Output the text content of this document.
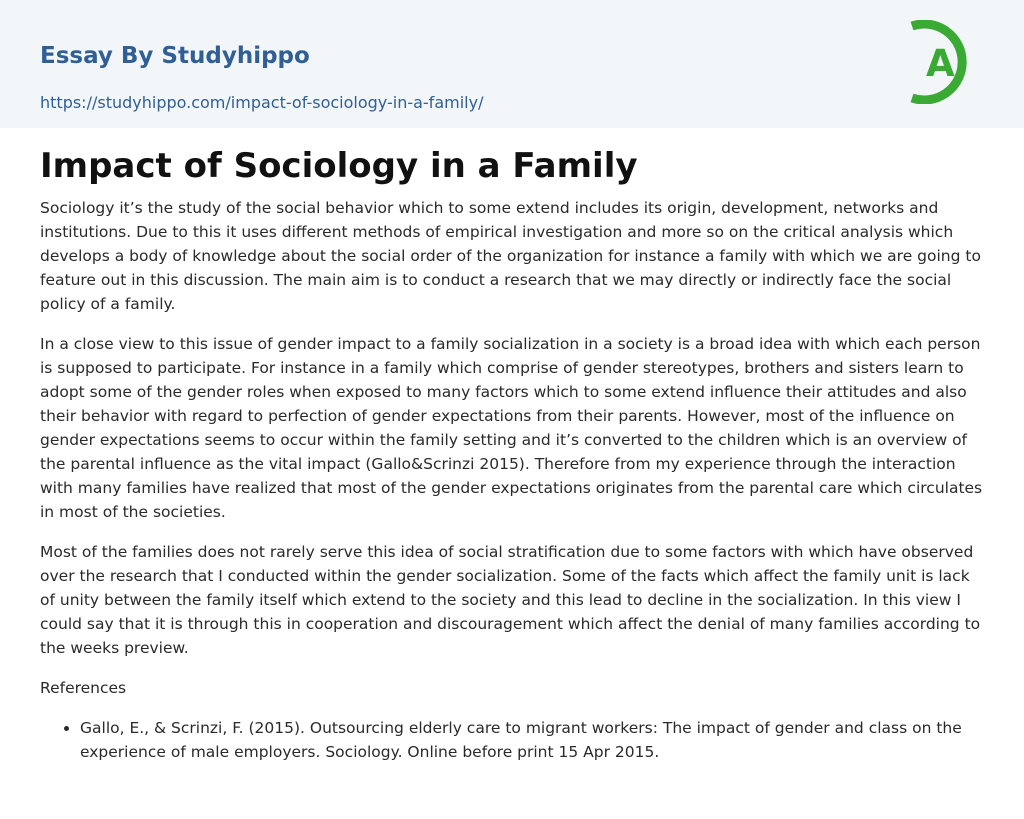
Essay By Studyhippo
https://studyhippo.com/impact-of-sociology-in-a-family/
A
Impact of Sociology in a Family

Sociology it’s the study of the social behavior which to some extend includes its origin, development, networks and institutions. Due to this it uses different methods of empirical investigation and more so on the critical analysis which develops a body of knowledge about the social order of the organization for instance a family with which we are going to feature out in this discussion. The main aim is to conduct a research that we may directly or indirectly face the social policy of a family.

In a close view to this issue of gender impact to a family socialization in a society is a broad idea with which each person is supposed to participate. For instance in a family which comprise of gender stereotypes, brothers and sisters learn to adopt some of the gender roles when exposed to many factors which to some extend influence their attitudes and also their behavior with regard to perfection of gender expectations from their parents. However, most of the influence on gender expectations seems to occur within the family setting and it’s converted to the children which is an overview of the parental influence as the vital impact (Gallo&Scrinzi 2015). Therefore from my experience through the interaction with many families have realized that most of the gender expectations originates from the parental care which circulates in most of the societies.

Most of the families does not rarely serve this idea of social stratification due to some factors with which have observed over the research that I conducted within the gender socialization. Some of the facts which affect the family unit is lack of unity between the family itself which extend to the society and this lead to decline in the socialization. In this view I could say that it is through this in cooperation and discouragement which affect the denial of many families according to the weeks preview.

References

• Gallo, E., & Scrinzi, F. (2015). Outsourcing elderly care to migrant workers: The impact of gender and class on the experience of male employers. Sociology. Online before print 15 Apr 2015.
